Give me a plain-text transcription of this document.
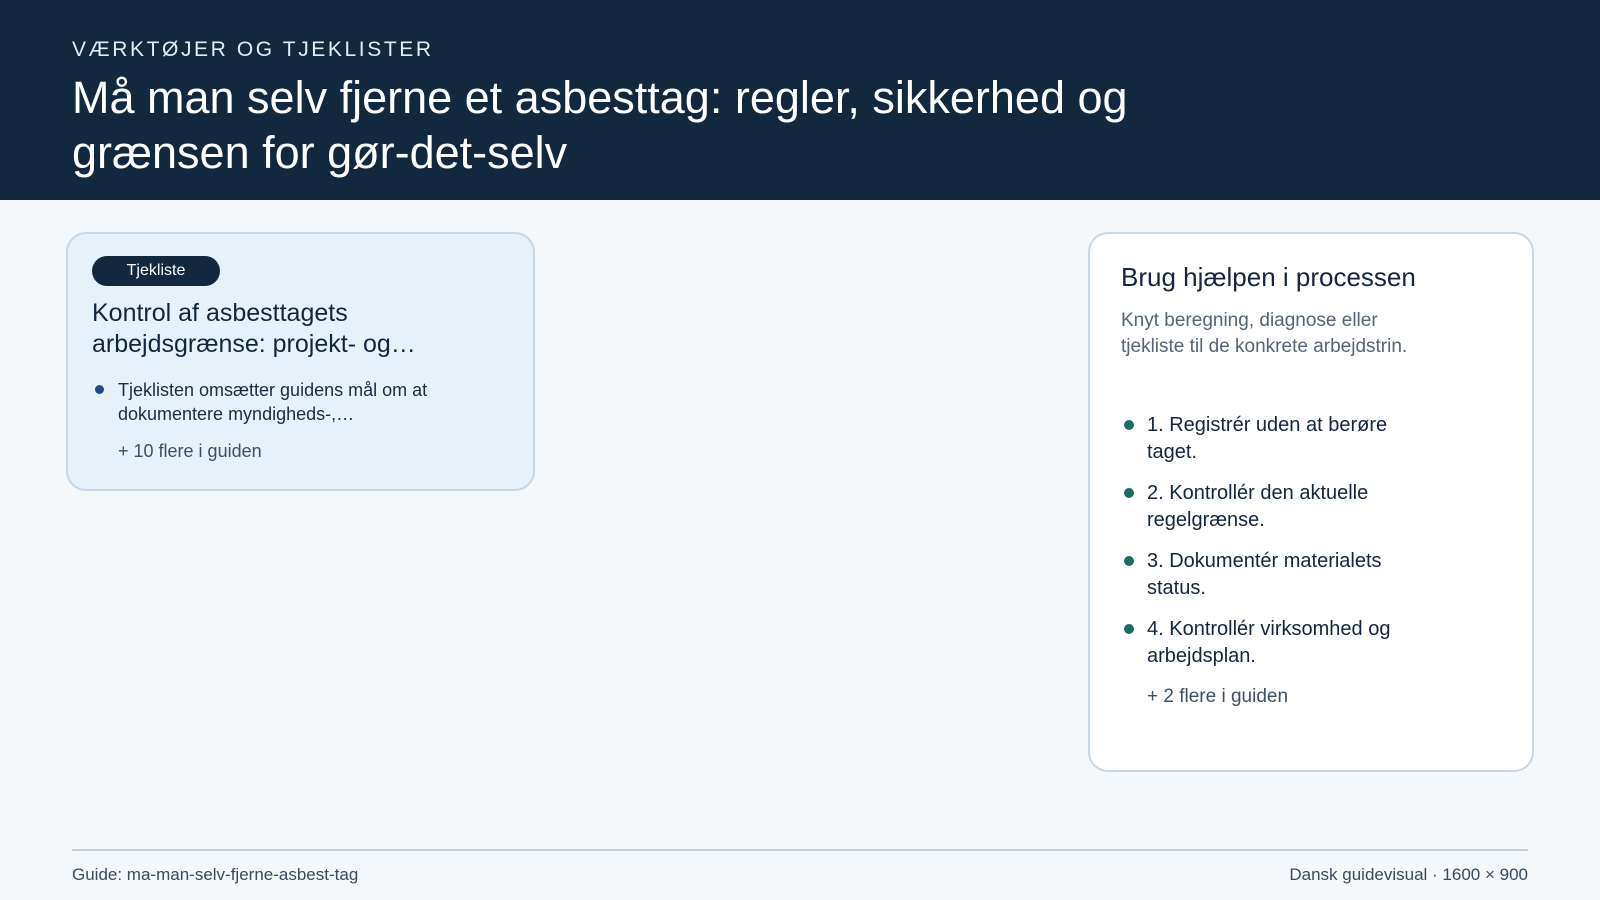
VÆRKTØJER OG TJEKLISTER
Må man selv fjerne et asbesttag: regler, sikkerhed og grænsen for gør-det-selv
Tjekliste
Kontrol af asbesttagets arbejdsgrænse: projekt- og…
Tjeklisten omsætter guidens mål om at dokumentere myndigheds-,…
+ 10 flere i guiden
Brug hjælpen i processen
Knyt beregning, diagnose eller tjekliste til de konkrete arbejdstrin.
1. Registrér uden at berøre taget.
2. Kontrollér den aktuelle regelgrænse.
3. Dokumentér materialets status.
4. Kontrollér virksomhed og arbejdsplan.
+ 2 flere i guiden
Guide: ma-man-selv-fjerne-asbest-tag	Dansk guidevisual · 1600 × 900
